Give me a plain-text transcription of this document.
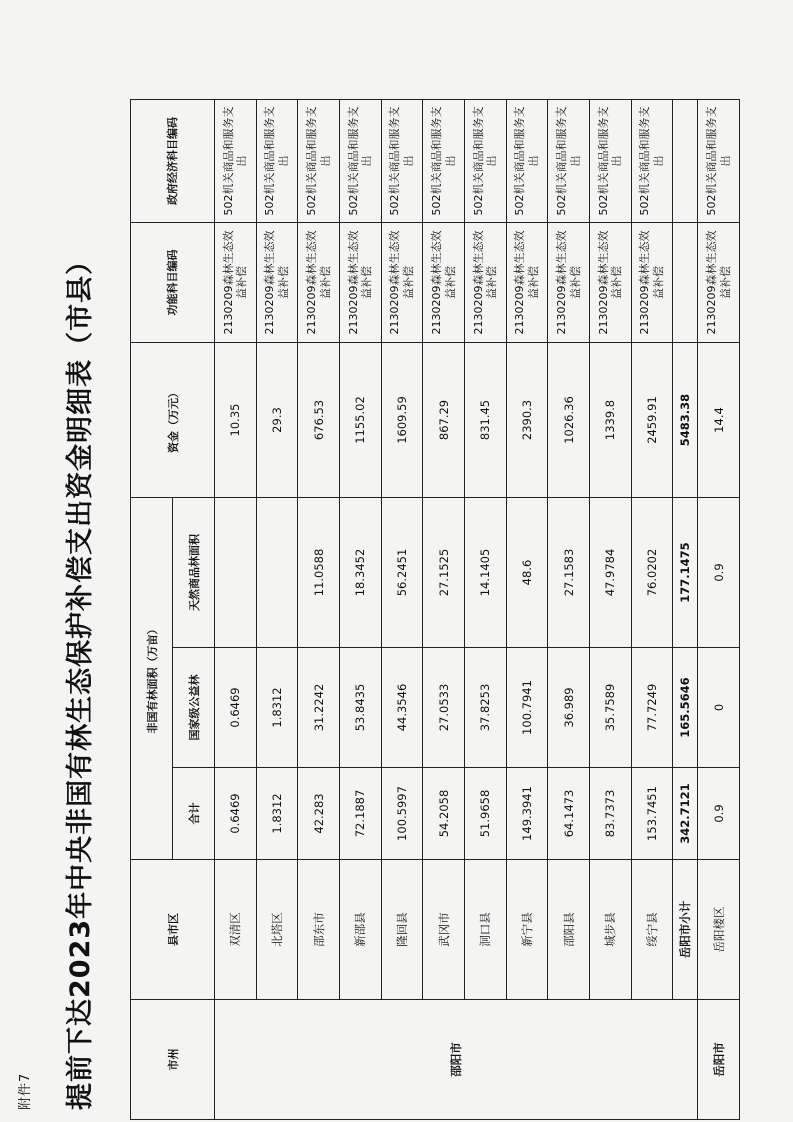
附件7 提前下达2023年中央非国有林生态保护补偿支出资金明细表（市县）	市州	县市区	非国有林面积（万亩）			资金（万元）	功能科目编码	政府经济科目编码
		合计	国家级公益林	天然商品林面积			
邵阳市	双清区	0.6469	0.6469		10.35	2130209森林生态效益补偿	502机关商品和服务支出
	北塔区	1.8312	1.8312		29.3	2130209森林生态效益补偿	502机关商品和服务支出
	邵东市	42.283	31.2242	11.0588	676.53	2130209森林生态效益补偿	502机关商品和服务支出
	新邵县	72.1887	53.8435	18.3452	1155.02	2130209森林生态效益补偿	502机关商品和服务支出
	隆回县	100.5997	44.3546	56.2451	1609.59	2130209森林生态效益补偿	502机关商品和服务支出
	武冈市	54.2058	27.0533	27.1525	867.29	2130209森林生态效益补偿	502机关商品和服务支出
	洞口县	51.9658	37.8253	14.1405	831.45	2130209森林生态效益补偿	502机关商品和服务支出
	新宁县	149.3941	100.7941	48.6	2390.3	2130209森林生态效益补偿	502机关商品和服务支出
	邵阳县	64.1473	36.989	27.1583	1026.36	2130209森林生态效益补偿	502机关商品和服务支出
	城步县	83.7373	35.7589	47.9784	1339.8	2130209森林生态效益补偿	502机关商品和服务支出
	绥宁县	153.7451	77.7249	76.0202	2459.91	2130209森林生态效益补偿	502机关商品和服务支出
	岳阳市小计	342.7121	165.5646	177.1475	5483.38		
岳阳市	岳阳楼区	0.9	0	0.9	14.4	2130209森林生态效益补偿	502机关商品和服务支出
